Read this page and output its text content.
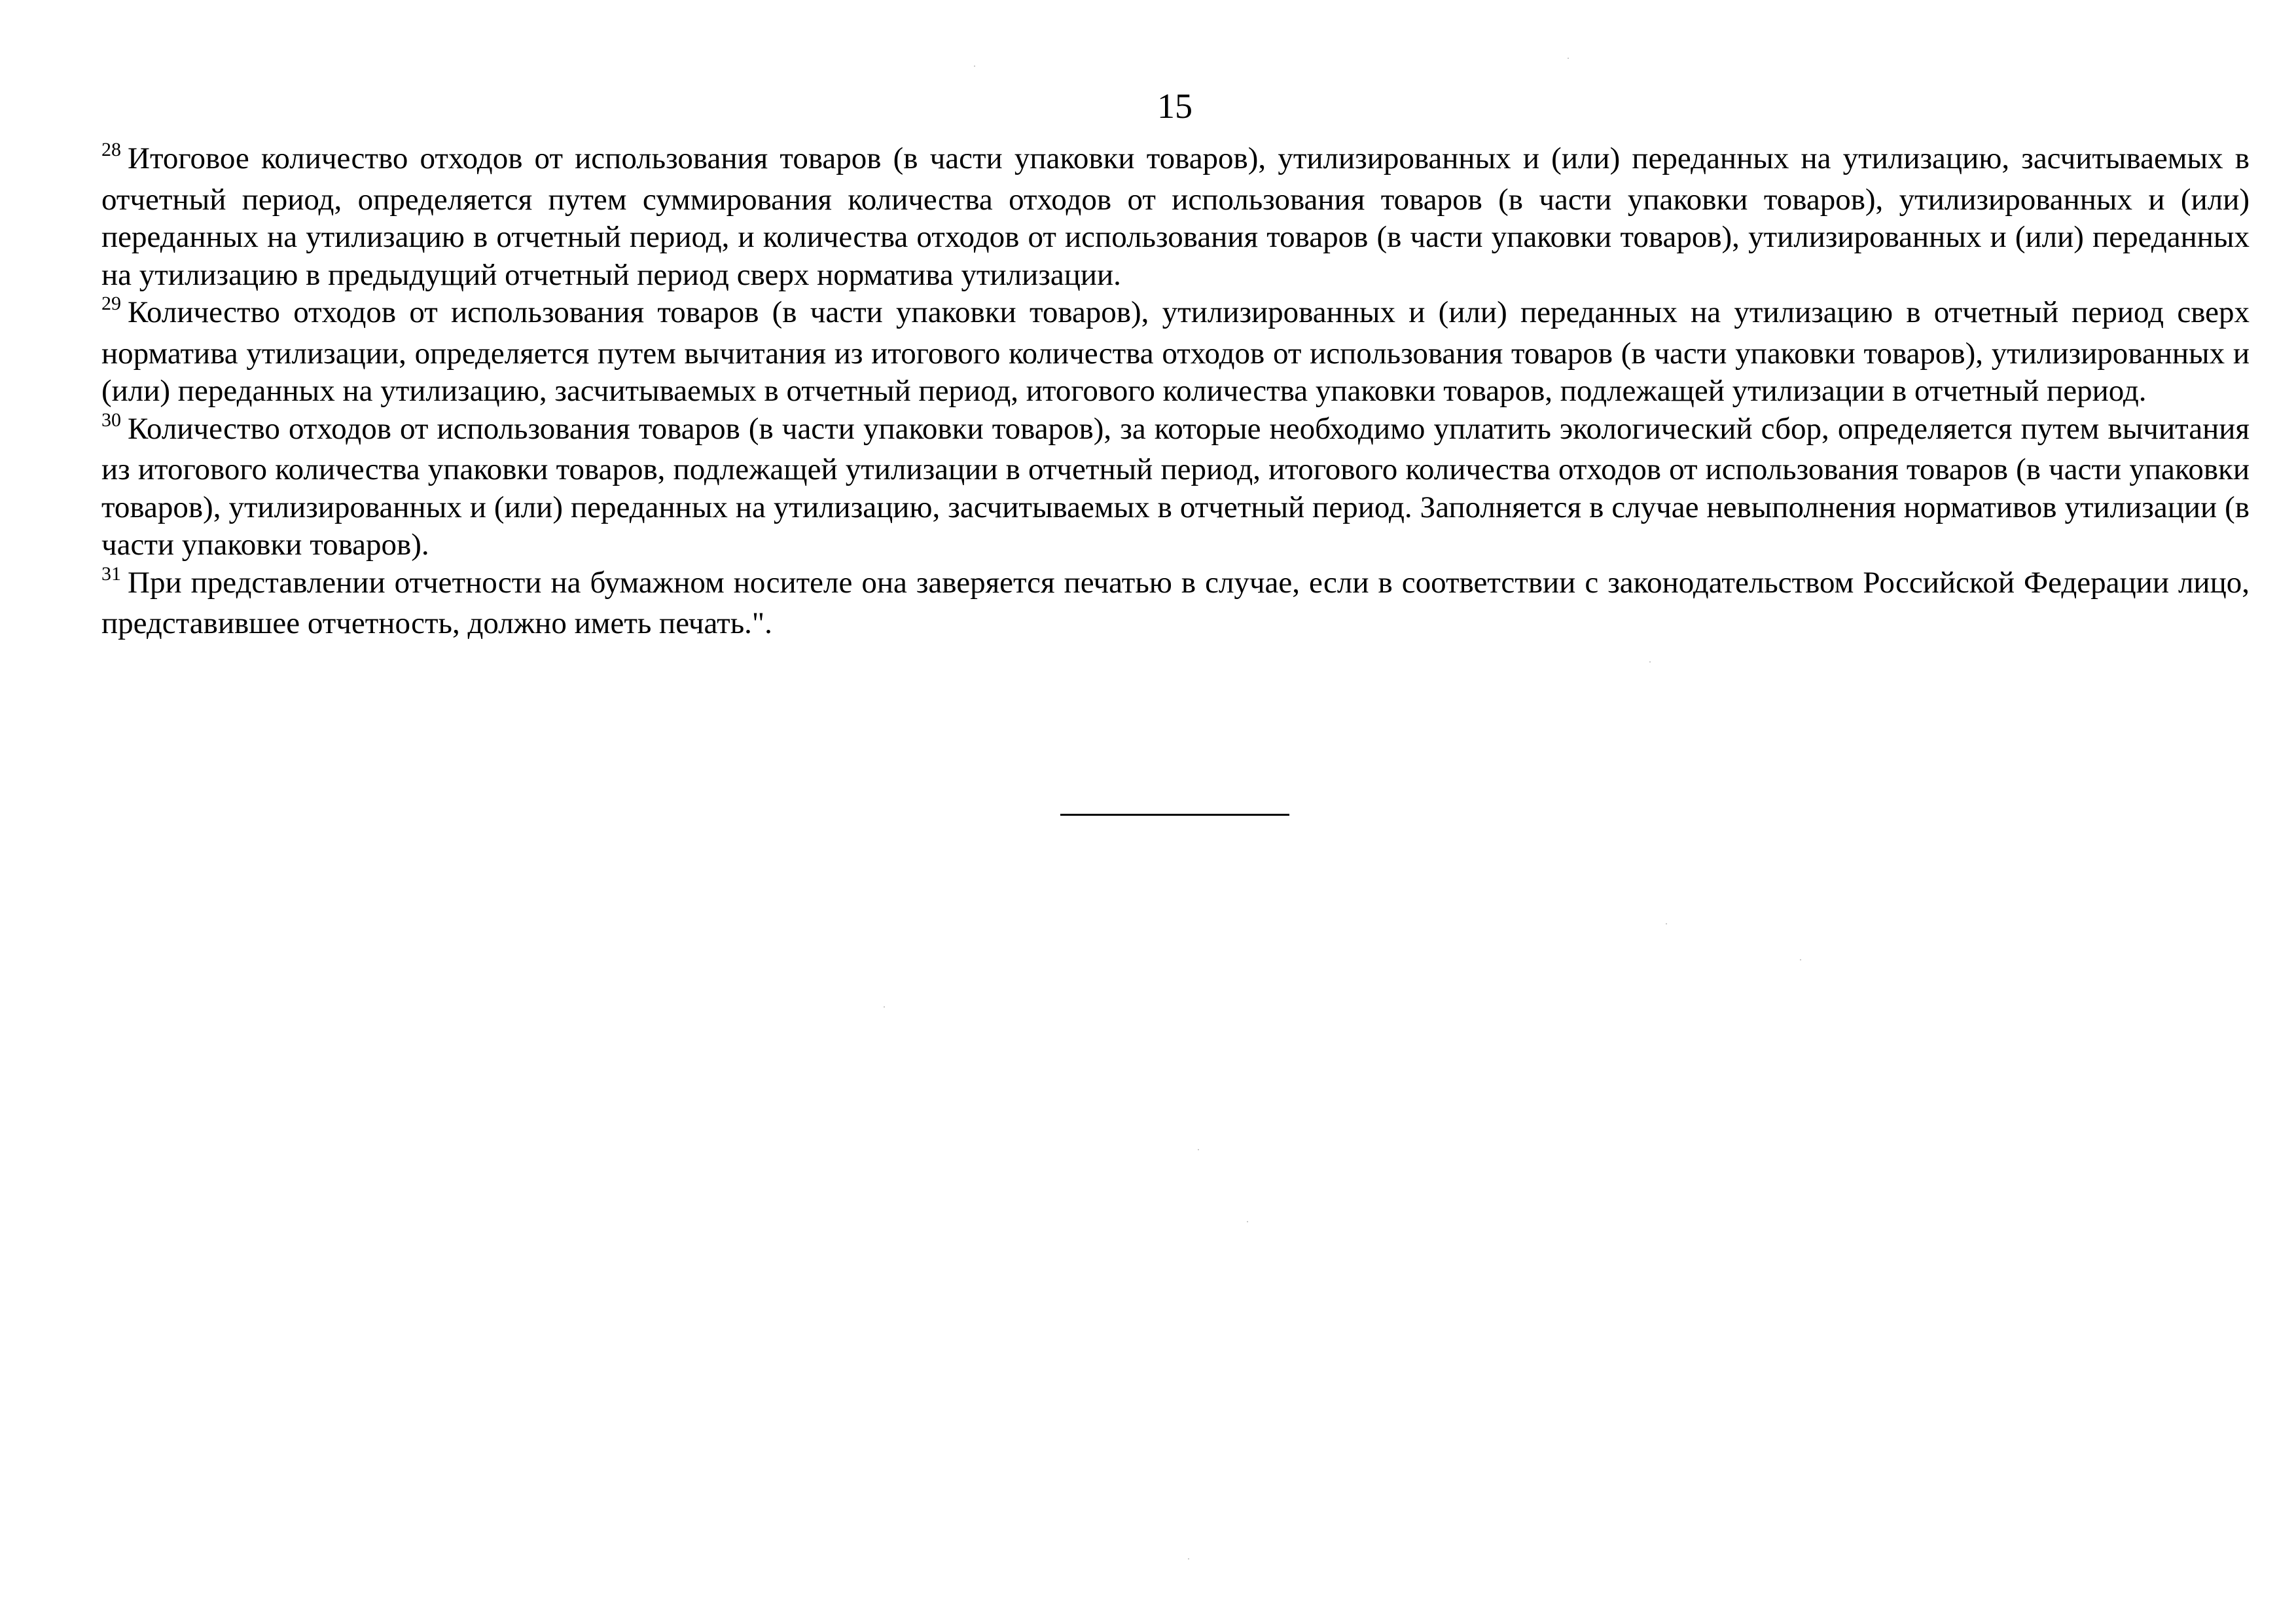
15

$^{28}$ Итоговое количество отходов от использования товаров (в части упаковки товаров), утилизированных и (или) переданных на утилизацию, засчитываемых в отчетный период, определяется путем суммирования количества отходов от использования товаров (в части упаковки товаров), утилизированных и (или) переданных на утилизацию в отчетный период, и количества отходов от использования товаров (в части упаковки товаров), утилизированных и (или) переданных на утилизацию в предыдущий отчетный период сверх норматива утилизации.

$^{29}$ Количество отходов от использования товаров (в части упаковки товаров), утилизированных и (или) переданных на утилизацию в отчетный период сверх норматива утилизации, определяется путем вычитания из итогового количества отходов от использования товаров (в части упаковки товаров), утилизированных и (или) переданных на утилизацию, засчитываемых в отчетный период, итогового количества упаковки товаров, подлежащей утилизации в отчетный период.

$^{30}$ Количество отходов от использования товаров (в части упаковки товаров), за которые необходимо уплатить экологический сбор, определяется путем вычитания из итогового количества упаковки товаров, подлежащей утилизации в отчетный период, итогового количества отходов от использования товаров (в части упаковки товаров), утилизированных и (или) переданных на утилизацию, засчитываемых в отчетный период. Заполняется в случае невыполнения нормативов утилизации (в части упаковки товаров).

$^{31}$ При представлении отчетности на бумажном носителе она заверяется печатью в случае, если в соответствии с законодательством Российской Федерации лицо, представившее отчетность, должно иметь печать.".
